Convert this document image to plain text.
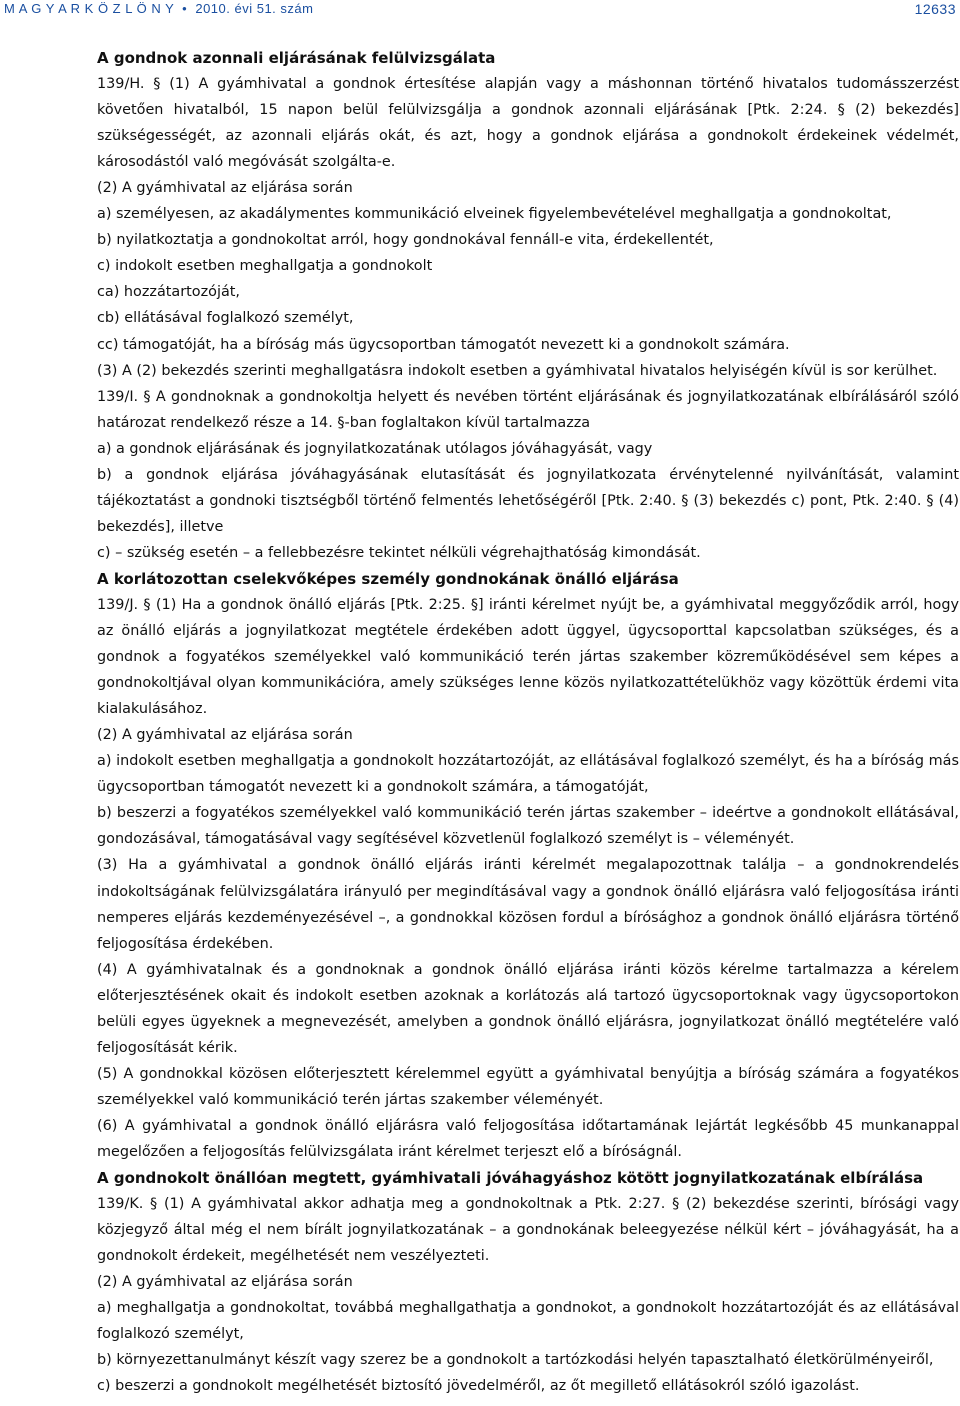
M A G Y A R K Ö Z L Ö N Y • 2010. évi 51. szám	12633

A gondnok azonnali eljárásának felülvizsgálata

139/H. § (1) A gyámhivatal a gondnok értesítése alapján vagy a máshonnan történő hivatalos tudomásszerzést követően hivatalból, 15 napon belül felülvizsgálja a gondnok azonnali eljárásának [Ptk. 2:24. § (2) bekezdés] szükségességét, az azonnali eljárás okát, és azt, hogy a gondnok eljárása a gondnokolt érdekeinek védelmét, károsodástól való megóvását szolgálta-e.

(2) A gyámhivatal az eljárása során

a) személyesen, az akadálymentes kommunikáció elveinek figyelembevételével meghallgatja a gondnokoltat,

b) nyilatkoztatja a gondnokoltat arról, hogy gondnokával fennáll-e vita, érdekellentét,

c) indokolt esetben meghallgatja a gondnokolt

ca) hozzátartozóját,

cb) ellátásával foglalkozó személyt,

cc) támogatóját, ha a bíróság más ügycsoportban támogatót nevezett ki a gondnokolt számára.

(3) A (2) bekezdés szerinti meghallgatásra indokolt esetben a gyámhivatal hivatalos helyiségén kívül is sor kerülhet.

139/I. § A gondnoknak a gondnokoltja helyett és nevében történt eljárásának és jognyilatkozatának elbírálásáról szóló határozat rendelkező része a 14. §-ban foglaltakon kívül tartalmazza

a) a gondnok eljárásának és jognyilatkozatának utólagos jóváhagyását, vagy

b) a gondnok eljárása jóváhagyásának elutasítását és jognyilatkozata érvénytelenné nyilvánítását, valamint tájékoztatást a gondnoki tisztségből történő felmentés lehetőségéről [Ptk. 2:40. § (3) bekezdés c) pont, Ptk. 2:40. § (4) bekezdés], illetve

c) – szükség esetén – a fellebbezésre tekintet nélküli végrehajthatóság kimondását.

A korlátozottan cselekvőképes személy gondnokának önálló eljárása

139/J. § (1) Ha a gondnok önálló eljárás [Ptk. 2:25. §] iránti kérelmet nyújt be, a gyámhivatal meggyőződik arról, hogy az önálló eljárás a jognyilatkozat megtétele érdekében adott üggyel, ügycsoporttal kapcsolatban szükséges, és a gondnok a fogyatékos személyekkel való kommunikáció terén jártas szakember közreműködésével sem képes a gondnokoltjával olyan kommunikációra, amely szükséges lenne közös nyilatkozattételükhöz vagy közöttük érdemi vita kialakulásához.

(2) A gyámhivatal az eljárása során

a) indokolt esetben meghallgatja a gondnokolt hozzátartozóját, az ellátásával foglalkozó személyt, és ha a bíróság más ügycsoportban támogatót nevezett ki a gondnokolt számára, a támogatóját,

b) beszerzi a fogyatékos személyekkel való kommunikáció terén jártas szakember – ideértve a gondnokolt ellátásával, gondozásával, támogatásával vagy segítésével közvetlenül foglalkozó személyt is – véleményét.

(3) Ha a gyámhivatal a gondnok önálló eljárás iránti kérelmét megalapozottnak találja – a gondnokrendelés indokoltságának felülvizsgálatára irányuló per megindításával vagy a gondnok önálló eljárásra való feljogosítása iránti nemperes eljárás kezdeményezésével –, a gondnokkal közösen fordul a bírósághoz a gondnok önálló eljárásra történő feljogosítása érdekében.

(4) A gyámhivatalnak és a gondnoknak a gondnok önálló eljárása iránti közös kérelme tartalmazza a kérelem előterjesztésének okait és indokolt esetben azoknak a korlátozás alá tartozó ügycsoportoknak vagy ügycsoportokon belüli egyes ügyeknek a megnevezését, amelyben a gondnok önálló eljárásra, jognyilatkozat önálló megtételére való feljogosítását kérik.

(5) A gondnokkal közösen előterjesztett kérelemmel együtt a gyámhivatal benyújtja a bíróság számára a fogyatékos személyekkel való kommunikáció terén jártas szakember véleményét.

(6) A gyámhivatal a gondnok önálló eljárásra való feljogosítása időtartamának lejártát legkésőbb 45 munkanappal megelőzően a feljogosítás felülvizsgálata iránt kérelmet terjeszt elő a bíróságnál.

A gondnokolt önállóan megtett, gyámhivatali jóváhagyáshoz kötött jognyilatkozatának elbírálása

139/K. § (1) A gyámhivatal akkor adhatja meg a gondnokoltnak a Ptk. 2:27. § (2) bekezdése szerinti, bírósági vagy közjegyző által még el nem bírált jognyilatkozatának – a gondnokának beleegyezése nélkül kért – jóváhagyását, ha a gondnokolt érdekeit, megélhetését nem veszélyezteti.

(2) A gyámhivatal az eljárása során

a) meghallgatja a gondnokoltat, továbbá meghallgathatja a gondnokot, a gondnokolt hozzátartozóját és az ellátásával foglalkozó személyt,

b) környezettanulmányt készít vagy szerez be a gondnokolt a tartózkodási helyén tapasztalható életkörülményeiről,

c) beszerzi a gondnokolt megélhetését biztosító jövedelméről, az őt megillető ellátásokról szóló igazolást.
